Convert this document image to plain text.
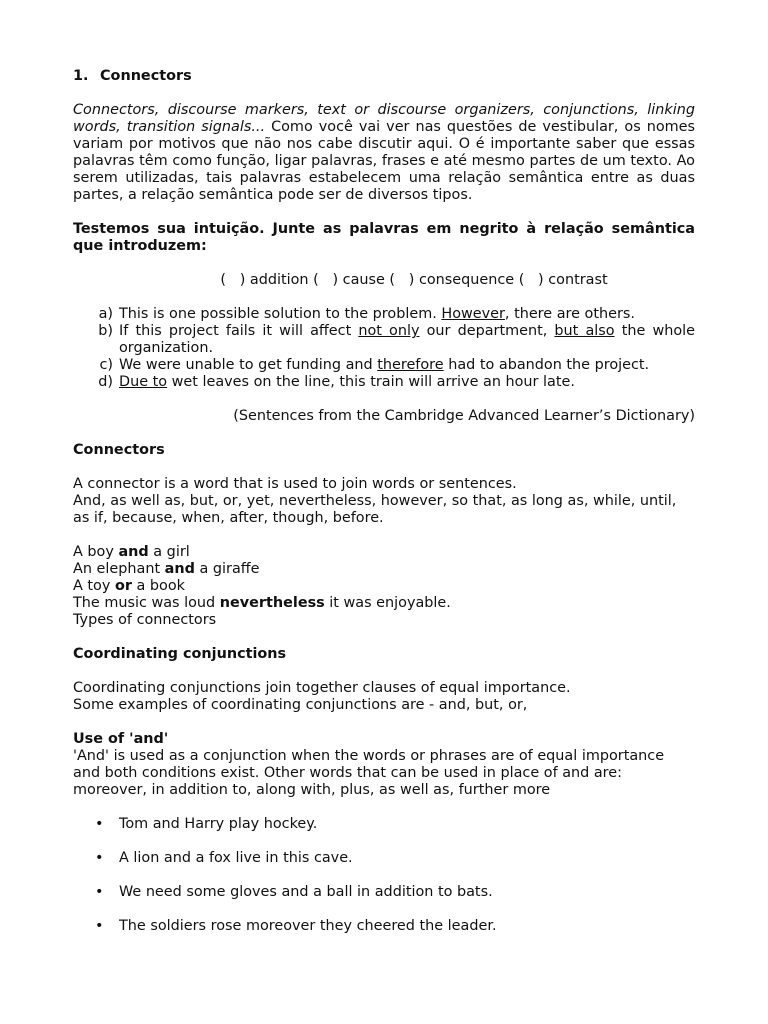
1. Connectors

Connectors, discourse markers, text or discourse organizers, conjunctions, linking words, transition signals... Como você vai ver nas questões de vestibular, os nomes variam por motivos que não nos cabe discutir aqui. O é importante saber que essas palavras têm como função, ligar palavras, frases e até mesmo partes de um texto. Ao serem utilizadas, tais palavras estabelecem uma relação semântica entre as duas partes, a relação semântica pode ser de diversos tipos.

Testemos sua intuição. Junte as palavras em negrito à relação semântica que introduzem:

(   ) addition (   ) cause (   ) consequence (   ) contrast

a) This is one possible solution to the problem. However, there are others.
b) If this project fails it will affect not only our department, but also the whole organization.
c) We were unable to get funding and therefore had to abandon the project.
d) Due to wet leaves on the line, this train will arrive an hour late.

(Sentences from the Cambridge Advanced Learner’s Dictionary)

Connectors

A connector is a word that is used to join words or sentences.

And, as well as, but, or, yet, nevertheless, however, so that, as long as, while, until, as if, because, when, after, though, before.

A boy and a girl

An elephant and a giraffe

A toy or a book

The music was loud nevertheless it was enjoyable.

Types of connectors

Coordinating conjunctions

Coordinating conjunctions join together clauses of equal importance.

Some examples of coordinating conjunctions are - and, but, or,

Use of 'and'

'And' is used as a conjunction when the words or phrases are of equal importance and both conditions exist. Other words that can be used in place of and are: moreover, in addition to, along with, plus, as well as, further more

•	Tom and Harry play hockey.
•	A lion and a fox live in this cave.
•	We need some gloves and a ball in addition to bats.
•	The soldiers rose moreover they cheered the leader.
